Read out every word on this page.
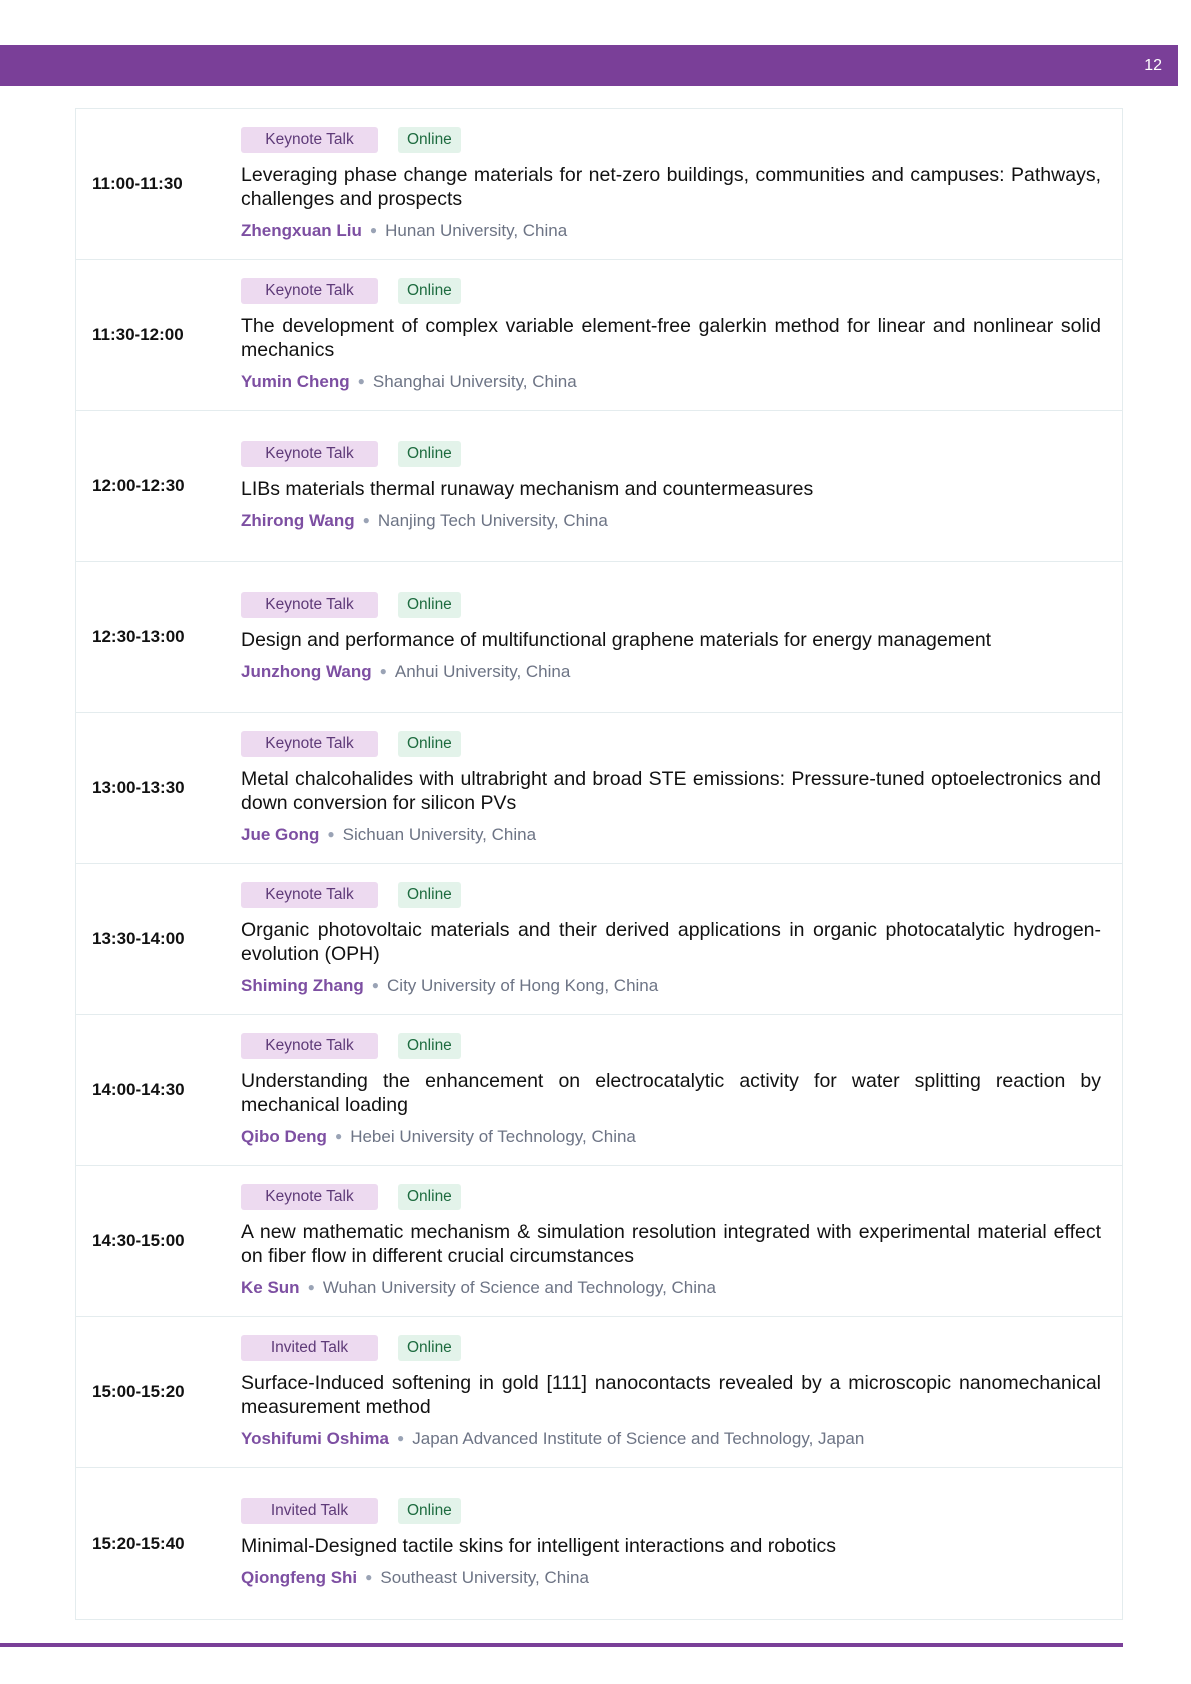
12
11:00-11:30
Keynote Talk	Online
Leveraging phase change materials for net-zero buildings, communities and campuses: Pathways, challenges and prospects
Zhengxuan Liu ● Hunan University, China
11:30-12:00
Keynote Talk	Online
The development of complex variable element-free galerkin method for linear and nonlinear solid mechanics
Yumin Cheng ● Shanghai University, China
12:00-12:30
Keynote Talk	Online
LIBs materials thermal runaway mechanism and countermeasures
Zhirong Wang ● Nanjing Tech University, China
12:30-13:00
Keynote Talk	Online
Design and performance of multifunctional graphene materials for energy management
Junzhong Wang ● Anhui University, China
13:00-13:30
Keynote Talk	Online
Metal chalcohalides with ultrabright and broad STE emissions: Pressure-tuned optoelectronics and down conversion for silicon PVs
Jue Gong ● Sichuan University, China
13:30-14:00
Keynote Talk	Online
Organic photovoltaic materials and their derived applications in organic photocatalytic hydrogen-evolution (OPH)
Shiming Zhang ● City University of Hong Kong, China
14:00-14:30
Keynote Talk	Online
Understanding the enhancement on electrocatalytic activity for water splitting reaction by mechanical loading
Qibo Deng ● Hebei University of Technology, China
14:30-15:00
Keynote Talk	Online
A new mathematic mechanism & simulation resolution integrated with experimental material effect on fiber flow in different crucial circumstances
Ke Sun ● Wuhan University of Science and Technology, China
15:00-15:20
Invited Talk	Online
Surface-Induced softening in gold [111] nanocontacts revealed by a microscopic nanomechanical measurement method
Yoshifumi Oshima ● Japan Advanced Institute of Science and Technology, Japan
15:20-15:40
Invited Talk	Online
Minimal-Designed tactile skins for intelligent interactions and robotics
Qiongfeng Shi ● Southeast University, China
